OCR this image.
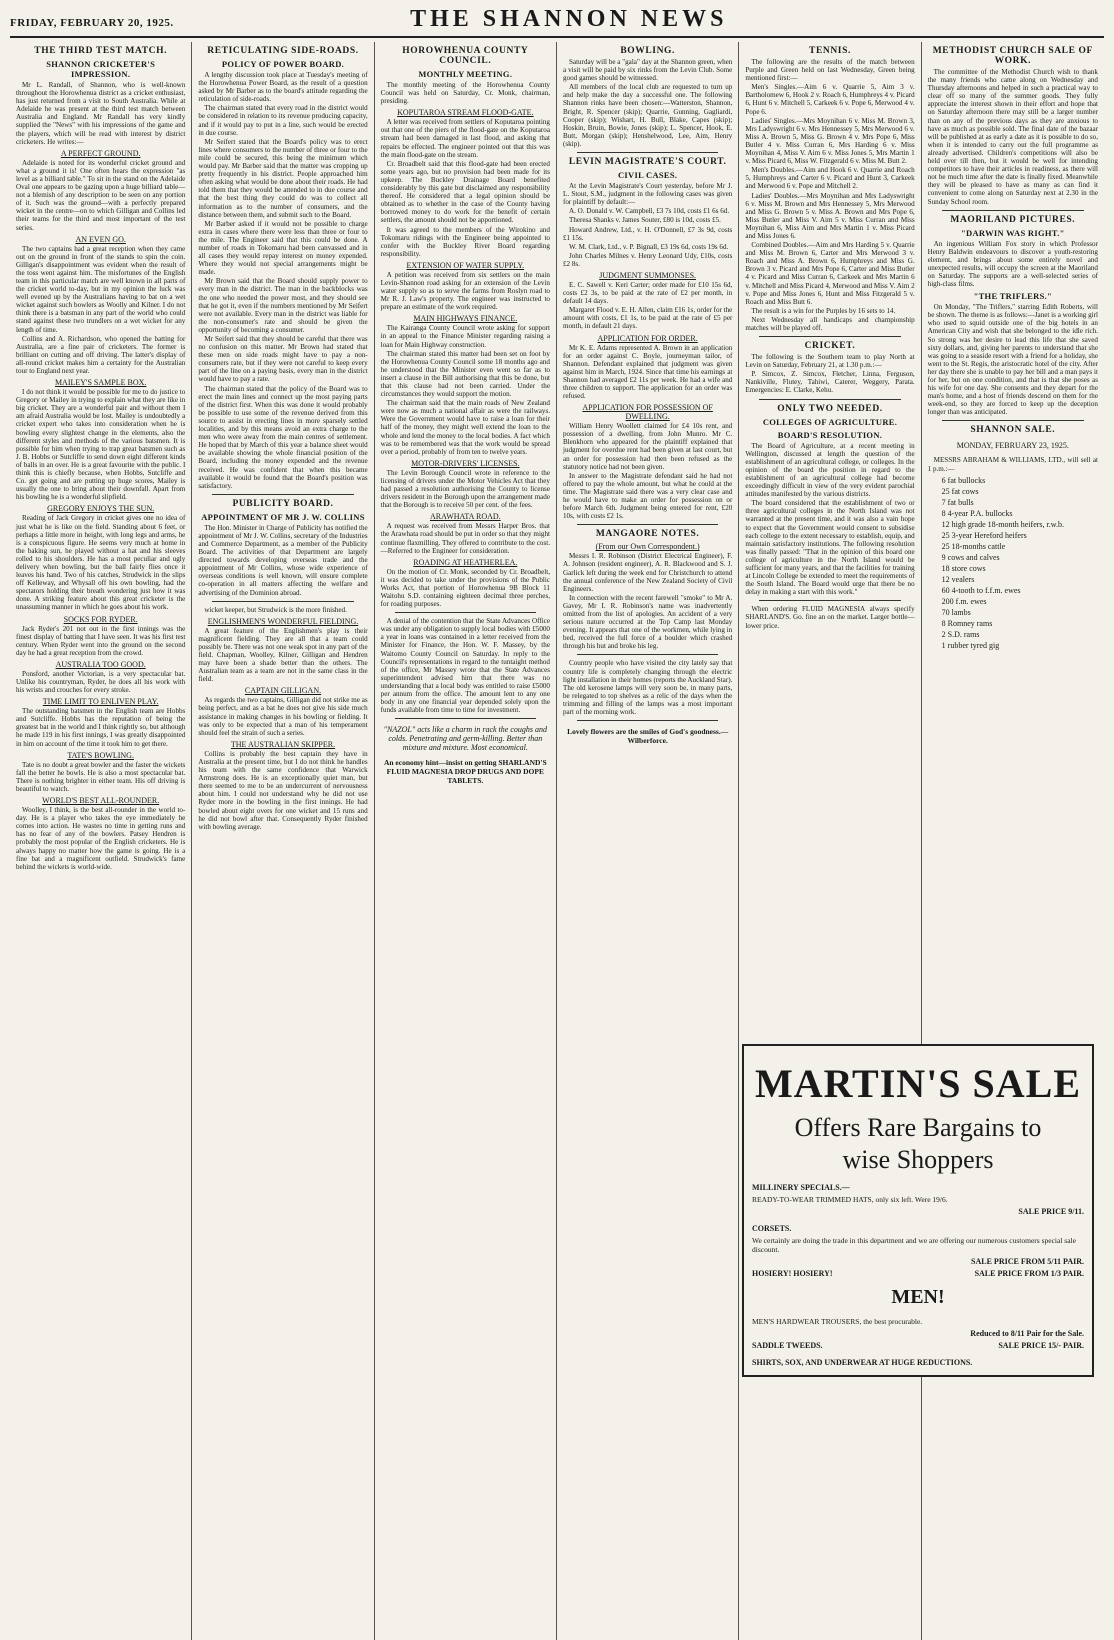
FRIDAY, FEBRUARY 20, 1925.	THE SHANNON NEWS
THE THIRD TEST MATCH.
SHANNON CRICKETER'S IMPRESSION.

Mr L. Randall, of Shannon, who is well-known throughout the Horowhenua district as a cricket enthusiast, has just returned from a visit to South Australia. While at Adelaide he was present at the third test match between Australia and England. Mr Randall has very kindly supplied the "News" with his impressions of the game and the players, which will be read with interest by district cricketers. He writes:—

A PERFECT GROUND.

Adelaide is noted for its wonderful cricket ground and what a ground it is! One often hears the expression "as level as a billiard table." To sit in the stand on the Adelaide Oval one appears to be gazing upon a huge billiard table—not a blemish of any description to be seen on any portion of it. Such was the ground—with a perfectly prepared wicket in the centre—on to which Gilligan and Collins led their teams for the third and most important of the test series.

AN EVEN GO.

The two captains had a great reception when they came out on the ground in front of the stands to spin the coin. Gilligan's disappointment was evident when the result of the toss went against him. The misfortunes of the English team in this particular match are well known in all parts of the cricket world to-day, but in my opinion the luck was well evened up by the Australians having to bat on a wet wicket against such bowlers as Woolly and Kilner. I do not think there is a batsman in any part of the world who could stand against these two trundlers on a wet wicket for any length of time.

Collins and A. Richardson, who opened the batting for Australia, are a fine pair of cricketers. The former is brilliant on cutting and off driving. The latter's display of all-round cricket makes him a certainty for the Australian tour to England next year.

MAILEY'S SAMPLE BOX.

I do not think it would be possible for me to do justice to Gregory or Mailey in trying to explain what they are like in big cricket. They are a wonderful pair and without them I am afraid Australia would be lost. Mailey is undoubtedly a cricket expert who takes into consideration when he is bowling every slightest change in the elements, also the different styles and methods of the various batsmen. It is possible for him when trying to trap great batsmen such as J. B. Hobbs or Sutcliffe to send down eight different kinds of balls in an over. He is a great favourite with the public. I think this is chiefly because, when Hobbs, Sutcliffe and Co. get going and are putting up huge scores, Mailey is usually the one to bring about their downfall. Apart from his bowling he is a wonderful slipfield.

GREGORY ENJOYS THE SUN.

Reading of Jack Gregory in cricket gives one no idea of just what he is like on the field. Standing about 6 feet, or perhaps a little more in height, with long legs and arms, he is a conspicuous figure. He seems very much at home in the baking sun, he played without a hat and his sleeves rolled to his shoulders. He has a most peculiar and ugly delivery when bowling, but the ball fairly flies once it leaves his hand. Two of his catches, Strudwick in the slips off Kelleway, and Whysall off his own bowling, had the spectators holding their breath wondering just how it was done. A striking feature about this great cricketer is the unassuming manner in which he goes about his work.

SOCKS FOR RYDER.

Jack Ryder's 201 not out in the first innings was the finest display of batting that I have seen. It was his first test century. When Ryder went into the ground on the second day he had a great reception from the crowd.

AUSTRALIA TOO GOOD.

Ponsford, another Victorian, is a very spectacular bat. Unlike his countryman, Ryder, he does all his work with his wrists and crouches for every stroke.

TIME LIMIT TO ENLIVEN PLAY.

The outstanding batsmen in the English team are Hobbs and Sutcliffe. Hobbs has the reputation of being the greatest bat in the world and I think rightly so, but although he made 119 in his first innings, I was greatly disappointed in him on account of the time it took him to get there.

TATE'S BOWLING.

Tate is no doubt a great bowler and the faster the wickets fall the better he bowls. He is also a most spectacular bat. There is nothing brighter in either team. His off driving is beautiful to watch.

WORLD'S BEST ALL-ROUNDER.

Woolley, I think, is the best all-rounder in the world to-day. He is a player who takes the eye immediately he comes into action. He wastes no time in getting runs and has no fear of any of the bowlers. Patsey Hendren is probably the most popular of the English cricketers. He is always happy no matter how the game is going. He is a fine bat and a magnificent outfield. Strudwick's fame behind the wickets is world-wide.

RETICULATING SIDE-ROADS.
POLICY OF POWER BOARD.

A lengthy discussion took place at Tuesday's meeting of the Horowhenua Power Board, as the result of a question asked by Mr Barber as to the board's attitude regarding the reticulation of side-roads.

The chairman stated that every road in the district would be considered in relation to its revenue producing capacity, and if it would pay to put in a line, such would be erected in due course.

Mr Seifert stated that the Board's policy was to erect lines where consumers to the number of three or four to the mile could be secured, this being the minimum which would pay. Mr Barber said that the matter was cropping up pretty frequently in his district. People approached him often asking what would be done about their roads. He had told them that they would be attended to in due course and that the best thing they could do was to collect all information as to the number of consumers, and the distance between them, and submit such to the Board.

Mr Barber asked if it would not be possible to charge extra in cases where there were less than three or four to the mile. The Engineer said that this could be done. A number of roads in Tokomaru had been canvassed and in all cases they would repay interest on money expended. Where they would not special arrangements might be made.

Mr Brown said that the Board should supply power to every man in the district. The man in the backblocks was the one who needed the power most, and they should see that he got it, even if the numbers mentioned by Mr Seifert were not available. Every man in the district was liable for the non-consumer's rate and should be given the opportunity of becoming a consumer.

Mr Seifert said that they should be careful that there was no confusion on this matter. Mr Brown had stated that these men on side roads might have to pay a non-consumers rate, but if they were not careful to keep every part of the line on a paying basis, every man in the district would have to pay a rate.

The chairman stated that the policy of the Board was to erect the main lines and connect up the most paying parts of the district first. When this was done it would probably be possible to use some of the revenue derived from this source to assist in erecting lines in more sparsely settled localities, and by this means avoid an extra charge to the men who were away from the main centres of settlement. He hoped that by March of this year a balance sheet would be available showing the whole financial position of the Board, including the money expended and the revenue received. He was confident that when this became available it would be found that the Board's position was satisfactory.

PUBLICITY BOARD.
APPOINTMENT OF MR J. W. COLLINS

The Hon. Minister in Charge of Publicity has notified the appointment of Mr J. W. Collins, secretary of the Industries and Commerce Department, as a member of the Publicity Board. The activities of that Department are largely directed towards developing overseas trade and the appointment of Mr Collins, whose wide experience of overseas conditions is well known, will ensure complete co-operation in all matters affecting the welfare and advertising of the Dominion abroad.

wicket keeper, but Strudwick is the more finished.

ENGLISHMEN'S WONDERFUL FIELDING.

A great feature of the Englishmen's play is their magnificent fielding. They are all that a team could possibly be. There was not one weak spot in any part of the field. Chapman, Woolley, Kilner, Gilligan and Hendren may have been a shade better than the others. The Australian team as a team are not in the same class in the field.

CAPTAIN GILLIGAN.

As regards the two captains, Gilligan did not strike me as being perfect, and as a bat he does not give his side much assistance in making changes in his bowling or fielding. It was only to be expected that a man of his temperament should feel the strain of such a series.

THE AUSTRALIAN SKIPPER.

Collins is probably the best captain they have in Australia at the present time, but I do not think he handles his team with the same confidence that Warwick Armstrong does. He is an exceptionally quiet man, but there seemed to me to be an undercurrent of nervousness about him. I could not understand why he did not use Ryder more in the bowling in the first innings. He had bowled about eight overs for one wicket and 15 runs and he did not bowl after that. Consequently Ryder finished with bowling average.

HOROWHENUA COUNTY COUNCIL.
MONTHLY MEETING.

The monthly meeting of the Horowhenua County Council was held on Saturday, Cr. Monk, chairman, presiding.

KOPUTAROA STREAM FLOOD-GATE.

A letter was received from settlers of Koputaroa pointing out that one of the piers of the flood-gate on the Koputaroa stream had been damaged in last flood, and asking that repairs be effected. The engineer pointed out that this was the main flood-gate on the stream.

Cr. Broadbelt said that this flood-gate had been erected some years ago, but no provision had been made for its upkeep. The Buckley Drainage Board benefited considerably by this gate but disclaimed any responsibility thereof. He considered that a legal opinion should be obtained as to whether in the case of the County having borrowed money to do work for the benefit of certain settlers, the amount should not be apportioned.

It was agreed to the members of the Wirokino and Tokomaru ridings with the Engineer being appointed to confer with the Buckley River Board regarding responsibility.

EXTENSION OF WATER SUPPLY.

A petition was received from six settlers on the main Levin-Shannon road asking for an extension of the Levin water supply so as to serve the farms from Roslyn road to Mr R. J. Law's property. The engineer was instructed to prepare an estimate of the work required.

MAIN HIGHWAYS FINANCE.

The Kairanga County Council wrote asking for support in an appeal to the Finance Minister regarding raising a loan for Main Highway construction.

The chairman stated this matter had been set on foot by the Horowhenua County Council some 18 months ago and he understood that the Minister even went so far as to insert a clause in the Bill authorising that this be done, but that this clause had not been carried. Under the circumstances they would support the motion.

The chairman said that the main roads of New Zealand were now as much a national affair as were the railways. Were the Government would have to raise a loan for their half of the money, they might well extend the loan to the whole and lend the money to the local bodies. A fact which was to be remembered was that the work would be spread over a period, probably of from ten to twelve years.

MOTOR-DRIVERS' LICENSES.

The Levin Borough Council wrote in reference to the licensing of drivers under the Motor Vehicles Act that they had passed a resolution authorising the County to license drivers resident in the Borough upon the arrangement made that the Borough is to receive 50 per cent. of the fees.

ARAWHATA ROAD.

A request was received from Messrs Harper Bros. that the Arawhata road should be put in order so that they might continue flaxmilling. They offered to contribute to the cost.—Referred to the Engineer for consideration.

ROADING AT HEATHERLEA.

On the motion of Cr. Monk, seconded by Cr. Broadbelt, it was decided to take under the provisions of the Public Works Act, that portion of Horowhenua 9B Block 11 Waitohu S.D. containing eighteen decimal three perches, for roading purposes.

A denial of the contention that the State Advances Office was under any obligation to supply local bodies with £5000 a year in loans was contained in a letter received from the Minister for Finance, the Hon. W. F. Massey, by the Waitomo County Council on Saturday. In reply to the Council's representations in regard to the tuntaight method of the office, Mr Massey wrote that the State Advances superintendent advised him that there was no understanding that a local body was entitled to raise £5000 per annum from the office. The amount lent to any one body in any one financial year depended solely upon the funds available from time to time for investment.

"NAZOL" acts like a charm in rack the coughs and colds. Penetrating and germ-killing. Better than mixture and mixture. Most economical.
An economy hint—insist on getting SHARLAND'S FLUID MAGNESIA DROP DRUGS AND DOPE TABLETS.
BOWLING.

Saturday will be a "gala" day at the Shannon green, when a visit will be paid by six rinks from the Levin Club. Some good games should be witnessed.

All members of the local club are requested to turn up and help make the day a successful one. The following Shannon rinks have been chosen:—Watterston, Shannon, Bright, R. Spencer (skip); Quarrie, Gunning, Gagliardi, Cooper (skip); Wishart, H. Bull, Blake, Capes (skip); Hoskin, Bruin, Bowie, Jones (skip); L. Spencer, Hook, E. Butt, Morgan (skip); Henshelwood, Lee, Aim, Henry (skip).

LEVIN MAGISTRATE'S COURT.
CIVIL CASES.

At the Levin Magistrate's Court yesterday, before Mr J. L. Stout, S.M., judgment in the following cases was given for plaintiff by default:—

A. O. Donald v. W. Campbell, £3 7s 10d, costs £1 6s 6d.

Theresa Shanks v. James Souter, £80 is 10d, costs £5.

Howard Andrew, Ltd., v. H. O'Donnell, £7 3s 9d, costs £1 15s.

W. M. Clark, Ltd., v. P. Bignall, £3 19s 6d, costs 19s 6d.

John Charles Milnes v. Henry Leonard Udy, £10s, costs £2 8s.

JUDGMENT SUMMONSES.

E. C. Sawell v. Keri Carter; order made for £10 15s 6d, costs £2 3s, to be paid at the rate of £2 per month, in default 14 days.

Margaret Flood v. E. H. Allen, claim £16 1s, order for the amount with costs, £1 1s, to be paid at the rate of £5 per month, in default 21 days.

APPLICATION FOR ORDER.

Mr K. E. Adams represented A. Brown in an application for an order against C. Boyle, journeyman tailor, of Shannon. Defendant explained that judgment was given against him in March, 1924. Since that time his earnings at Shannon had averaged £2 11s per week. He had a wife and three children to support. The application for an order was refused.

APPLICATION FOR POSSESSION OF DWELLING.

William Henry Woollett claimed for £4 10s rent, and possession of a dwelling, from John Munro. Mr C. Blenkhorn who appeared for the plaintiff explained that judgment for overdue rent had been given at last court, but an order for possession had then been refused as the statutory notice had not been given.

In answer to the Magistrate defendant said he had not offered to pay the whole amount, but what he could at the time. The Magistrate said there was a very clear case and he would have to make an order for possession on or before March 6th. Judgment being entered for rent, £20 10s, with costs £2 1s.

MANGAORE NOTES.
(From our Own Correspondent.)

Messrs I. R. Robinson (District Electrical Engineer), F. A. Johnson (resident engineer), A. R. Blackwood and S. J. Garlick left during the week end for Christchurch to attend the annual conference of the New Zealand Society of Civil Engineers.

In connection with the recent farewell "smoke" to Mr A. Gavey, Mr I. R. Robinson's name was inadvertently omitted from the list of apologies. An accident of a very serious nature occurred at the Top Camp last Monday evening. It appears that one of the workmen, while lying in bed, received the full force of a boulder which crashed through his hut and broke his leg.

Country people who have visited the city lately say that country life is completely changing through the electric light installation in their homes (reports the Auckland Star). The old kerosene lamps will very soon be, in many parts, be relegated to top shelves as a relic of the days when the trimming and filling of the lamps was a most important part of the morning work.

Lovely flowers are the smiles of God's goodness.—Wilberforce.
TENNIS.

The following are the results of the match between Purple and Green held on last Wednesday, Green being mentioned first:—

Men's Singles.—Aim 6 v. Quarrie 5, Aim 3 v. Bartholomew 6, Hook 2 v. Roach 6, Humphreys 4 v. Picard 6, Hunt 6 v. Mitchell 5, Carkeek 6 v. Pope 6, Merwood 4 v. Pope 6.

Ladies' Singles.—Mrs Moynihan 6 v. Miss M. Brown 3, Mrs Ladyswright 6 v. Mrs Hennessey 5, Mrs Merwood 6 v. Miss A. Brown 5, Miss G. Brown 4 v. Mrs Pope 6, Miss Butler 4 v. Miss Curran 6, Mrs Harding 6 v. Miss Moynihan 4, Miss V. Aim 6 v. Miss Jones 5, Mrs Martin 1 v. Miss Picard 6, Miss W. Fitzgerald 6 v. Miss M. Butt 2.

Men's Doubles.—Aim and Hook 6 v. Quarrie and Roach 5, Humphreys and Carter 6 v. Picard and Hunt 3, Carkeek and Merwood 6 v. Pope and Mitchell 2.

Ladies' Doubles.—Mrs Moynihan and Mrs Ladyswright 6 v. Miss M. Brown and Mrs Hennessey 5, Mrs Merwood and Miss G. Brown 5 v. Miss A. Brown and Mrs Pope 6, Miss Butler and Miss V. Aim 5 v. Miss Curran and Miss Moynihan 6, Miss Aim and Mrs Martin 1 v. Miss Picard and Miss Jones 6.

Combined Doubles.—Aim and Mrs Harding 5 v. Quarrie and Miss M. Brown 6, Carter and Mrs Merwood 3 v. Roach and Miss A. Brown 6, Humphreys and Miss G. Brown 3 v. Picard and Mrs Pope 6, Carter and Miss Butler 4 v. Picard and Miss Curran 6, Carkeek and Mrs Martin 6 v. Mitchell and Miss Picard 4, Merwood and Miss V. Aim 2 v. Pope and Miss Jones 6, Hunt and Miss Fitzgerald 5 v. Roach and Miss Butt 6.

The result is a win for the Purples by 16 sets to 14.

Next Wednesday all handicaps and championship matches will be played off.

CRICKET.

The following is the Southern team to play North at Levin on Saturday, February 21, at 1.30 p.m.:—

P. Simcox, Z. Simcox, Fletcher, Linna, Ferguson, Nankiville, Flutey, Tahiwi, Caterer, Weggery, Parata. Emergencies: E. Clarke, Kehu.

ONLY TWO NEEDED.
COLLEGES OF AGRICULTURE.
BOARD'S RESOLUTION.

The Board of Agriculture, at a recent meeting in Wellington, discussed at length the question of the establishment of an agricultural college, or colleges. In the opinion of the board the position in regard to the establishment of an agricultural college had become exceedingly difficult in view of the very evident parochial attitudes manifested by the various districts.

The board considered that the establishment of two or three agricultural colleges in the North Island was not warranted at the present time, and it was also a vain hope to expect that the Government would consent to subsidise each college to the extent necessary to establish, equip, and maintain satisfactory institutions. The following resolution was finally passed: "That in the opinion of this board one college of agriculture in the North Island would be sufficient for many years, and that the facilities for training at Lincoln College be extended to meet the requirements of the South Island. The Board would urge that there be no delay in making a start with this work."

When ordering FLUID MAGNESIA always specify SHARLAND'S. Go. fine an on the market. Larger bottle—lower price.

METHODIST CHURCH SALE OF WORK.

The committee of the Methodist Church wish to thank the many friends who came along on Wednesday and Thursday afternoons and helped in such a practical way to clear off so many of the summer goods. They fully appreciate the interest shown in their effort and hope that on Saturday afternoon there may still be a larger number than on any of the previous days as they are anxious to have as much as possible sold. The final date of the bazaar will be published at as early a date as it is possible to do so, when it is intended to carry out the full programme as already advertised. Children's competitions will also be held over till then, but it would be well for intending competitors to have their articles in readiness, as there will not be much time after the date is finally fixed. Meanwhile they will be pleased to have as many as can find it convenient to come along on Saturday next at 2.30 in the Sunday School room.

MAORILAND PICTURES.
"DARWIN WAS RIGHT."

An ingenious William Fox story in which Professor Henry Baldwin endeavours to discover a youth-restoring element, and brings about some entirely novel and unexpected results, will occupy the screen at the Maoriland on Saturday. The supports are a well-selected series of high-class films.

"THE TRIFLERS."

On Monday, "The Triflers," starring Edith Roberts, will be shown. The theme is as follows:—Janet is a working girl who used to squid outside one of the big hotels in an American City and wish that she belonged to the idle rich. So strong was her desire to lead this life that she saved sixty dollars, and, giving her parents to understand that she was going to a seaside resort with a friend for a holiday, she went to the St. Regis, the aristocratic hotel of the city. After her day there she is unable to pay her bill and a man pays it for her, but on one condition, and that is that she poses as his wife for one day. She consents and they depart for the man's home, and a host of friends descend on them for the week-end, so they are forced to keep up the deception longer than was anticipated.

SHANNON SALE.
MONDAY, FEBRUARY 23, 1925.

MESSRS ABRAHAM & WILLIAMS, LTD., will sell at 1 p.m.:—

6 fat bullocks
25 fat cows
7 fat bulls
8 4-year P.A. bullocks
12 high grade 18-month heifers, r.w.b.
25 3-year Hereford heifers
25 18-months cattle
9 cows and calves
18 store cows
12 vealers
60 4-tooth to f.f.m. ewes
200 f.m. ewes
70 lambs
8 Romney rams
2 S.D. rams
1 rubber tyred gig
MARTIN'S SALE
Offers Rare Bargains to
wise Shoppers
MILLINERY SPECIALS.—
READY-TO-WEAR TRIMMED HATS, only six left. Were 19/6.
SALE PRICE 9/11.
CORSETS.
We certainly are doing the trade in this department and we are offering our numerous customers special sale discount.
SALE PRICE FROM 5/11 PAIR.
HOSIERY! HOSIERY!	SALE PRICE FROM 1/3 PAIR.
MEN!
MEN'S HARDWEAR TROUSERS, the best procurable.
Reduced to 8/11 Pair for the Sale.
SADDLE TWEEDS.	SALE PRICE 15/- PAIR.
SHIRTS, SOX, AND UNDERWEAR AT HUGE REDUCTIONS.
